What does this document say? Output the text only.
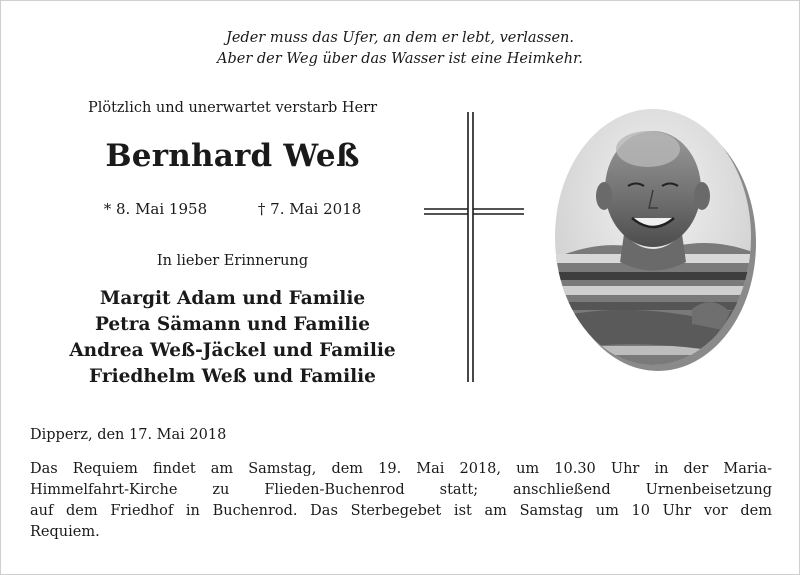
Jeder muss das Ufer, an dem er lebt, verlassen.
Aber der Weg über das Wasser ist eine Heimkehr.
Plötzlich und unerwartet verstarb Herr
Bernhard Weß
* 8. Mai 1958	† 7. Mai 2018
In lieber Erinnerung
Margit Adam und Familie
Petra Sämann und Familie
Andrea Weß-Jäckel und Familie
Friedhelm Weß und Familie
Dipperz, den 17. Mai 2018
Das Requiem findet am Samstag, dem 19. Mai 2018, um 10.30 Uhr in der Maria-
Himmelfahrt-Kirche zu Flieden-Buchenrod statt; anschließend Urnenbeisetzung
auf dem Friedhof in Buchenrod. Das Sterbegebet ist am Samstag um 10 Uhr vor dem
Requiem.
